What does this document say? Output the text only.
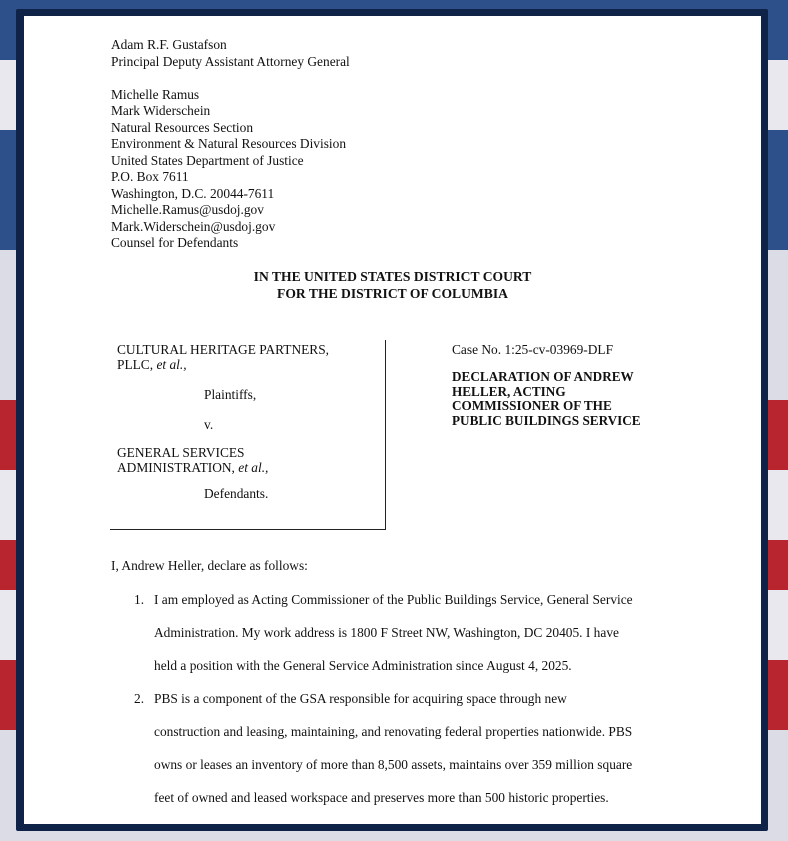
Adam R.F. Gustafson
Principal Deputy Assistant Attorney General
Michelle Ramus
Mark Widerschein
Natural Resources Section
Environment & Natural Resources Division
United States Department of Justice
P.O. Box 7611
Washington, D.C. 20044-7611
Michelle.Ramus@usdoj.gov
Mark.Widerschein@usdoj.gov
Counsel for Defendants
IN THE UNITED STATES DISTRICT COURT
FOR THE DISTRICT OF COLUMBIA
CULTURAL HERITAGE PARTNERS,
PLLC, et al.,
Plaintiffs,
v.
GENERAL SERVICES
ADMINISTRATION, et al.,
Defendants.
Case No. 1:25-cv-03969-DLF
DECLARATION OF ANDREW
HELLER, ACTING
COMMISSIONER OF THE
PUBLIC BUILDINGS SERVICE
I, Andrew Heller, declare as follows:
1. I am employed as Acting Commissioner of the Public Buildings Service, General Service
Administration. My work address is 1800 F Street NW, Washington, DC 20405. I have
held a position with the General Service Administration since August 4, 2025.
2. PBS is a component of the GSA responsible for acquiring space through new
construction and leasing, maintaining, and renovating federal properties nationwide. PBS
owns or leases an inventory of more than 8,500 assets, maintains over 359 million square
feet of owned and leased workspace and preserves more than 500 historic properties.
